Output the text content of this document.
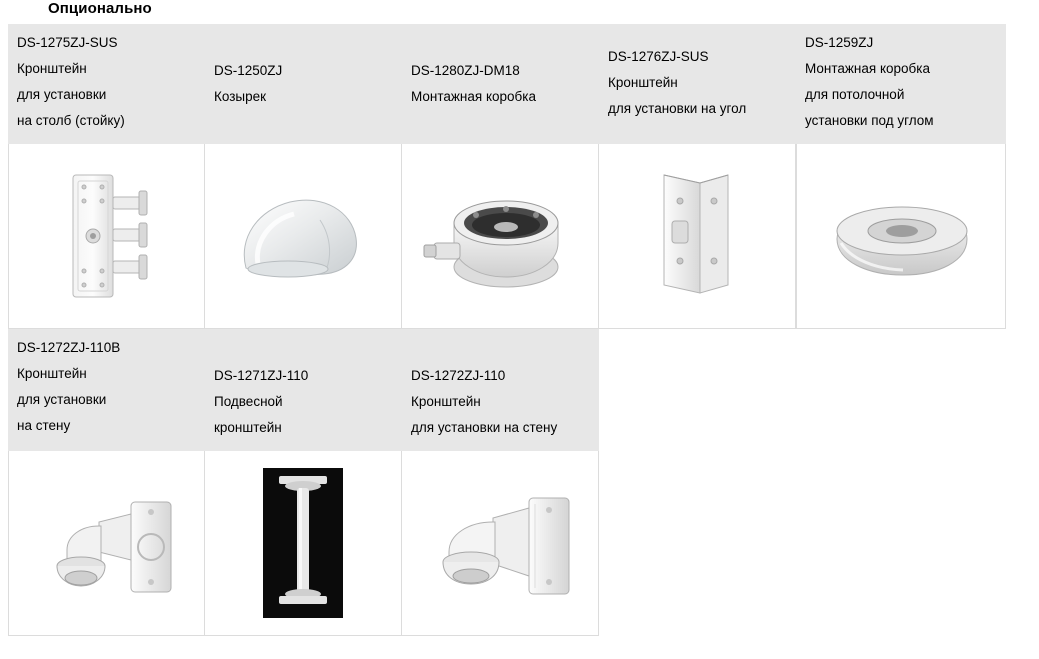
Опционально
DS-1275ZJ-SUS
Кронштейн
для установки
на столб (стойку)
DS-1250ZJ
Козырек
DS-1280ZJ-DM18
Монтажная коробка
DS-1276ZJ-SUS
Кронштейн
для установки на угол
DS-1259ZJ
Монтажная коробка
для потолочной
установки под углом
DS-1272ZJ-110B
Кронштейн
для установки
на стену
DS-1271ZJ-110
Подвесной
кронштейн
DS-1272ZJ-110
Кронштейн
для установки на стену
